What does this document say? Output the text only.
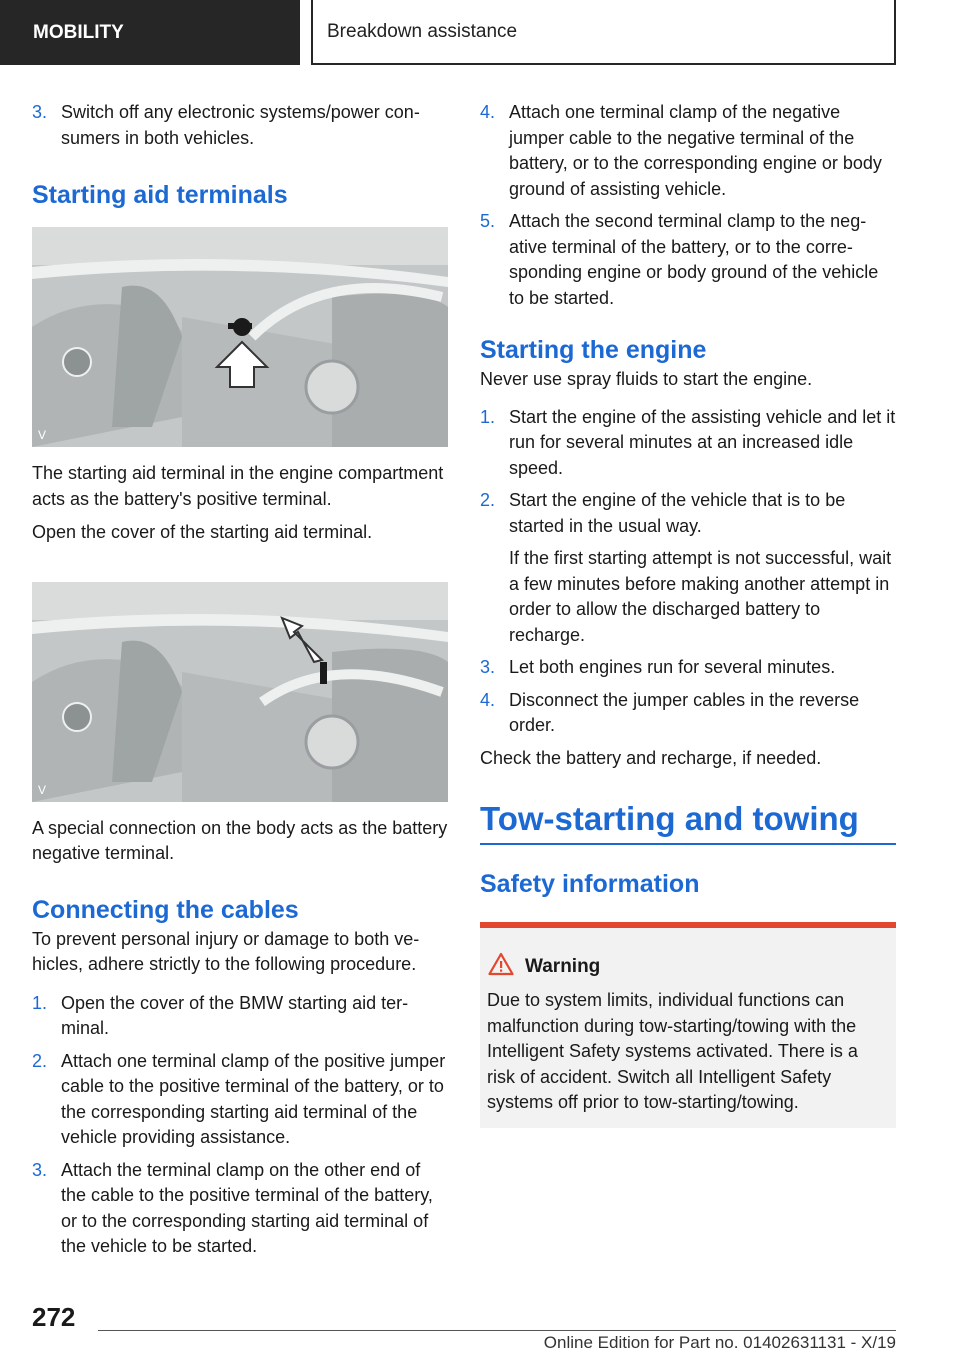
MOBILITY	Breakdown assistance
3. Switch off any electronic systems/power consumers in both vehicles.
Starting aid terminals
V

The starting aid terminal in the engine compartment acts as the battery's positive terminal.

Open the cover of the starting aid terminal.

V

A special connection on the body acts as the battery negative terminal.

Connecting the cables

To prevent personal injury or damage to both vehicles, adhere strictly to the following procedure.

1. Open the cover of the BMW starting aid terminal.
2. Attach one terminal clamp of the positive jumper cable to the positive terminal of the battery, or to the corresponding starting aid terminal of the vehicle providing assistance.
3. Attach the terminal clamp on the other end of the cable to the positive terminal of the battery, or to the corresponding starting aid terminal of the vehicle to be started.
4. Attach one terminal clamp of the negative jumper cable to the negative terminal of the battery, or to the corresponding engine or body ground of assisting vehicle.
5. Attach the second terminal clamp to the negative terminal of the battery, or to the corresponding engine or body ground of the vehicle to be started.
Starting the engine

Never use spray fluids to start the engine.

1. Start the engine of the assisting vehicle and let it run for several minutes at an increased idle speed.
2. Start the engine of the vehicle that is to be started in the usual way.
If the first starting attempt is not successful, wait a few minutes before making another attempt in order to allow the discharged battery to recharge.
3. Let both engines run for several minutes.
4. Disconnect the jumper cables in the reverse order.

Check the battery and recharge, if needed.

Tow-starting and towing
Safety information
Warning
Due to system limits, individual functions can malfunction during tow-starting/towing with the Intelligent Safety systems activated. There is a risk of accident. Switch all Intelligent Safety systems off prior to tow-starting/towing.
272
Online Edition for Part no. 01402631131 - X/19
